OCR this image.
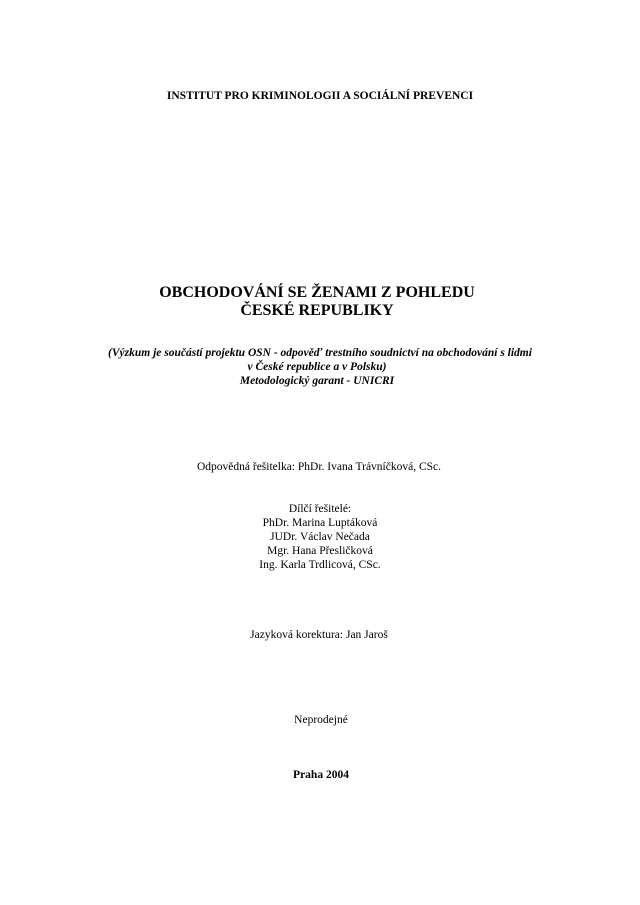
INSTITUT PRO KRIMINOLOGII A SOCIÁLNÍ PREVENCI
OBCHODOVÁNÍ SE ŽENAMI Z POHLEDU
ČESKÉ REPUBLIKY
(Výzkum je součástí projektu OSN - odpověď trestního soudnictví na obchodování s lidmi
v České republice a v Polsku)
Metodologický garant - UNICRI
Odpovědná řešitelka: PhDr. Ivana Trávníčková, CSc.
Dílčí řešitelé:
PhDr. Marina Luptáková
JUDr. Václav Nečada
Mgr. Hana Přesličková
Ing. Karla Trdlicová, CSc.
Jazyková korektura: Jan Jaroš
Neprodejné
Praha 2004
